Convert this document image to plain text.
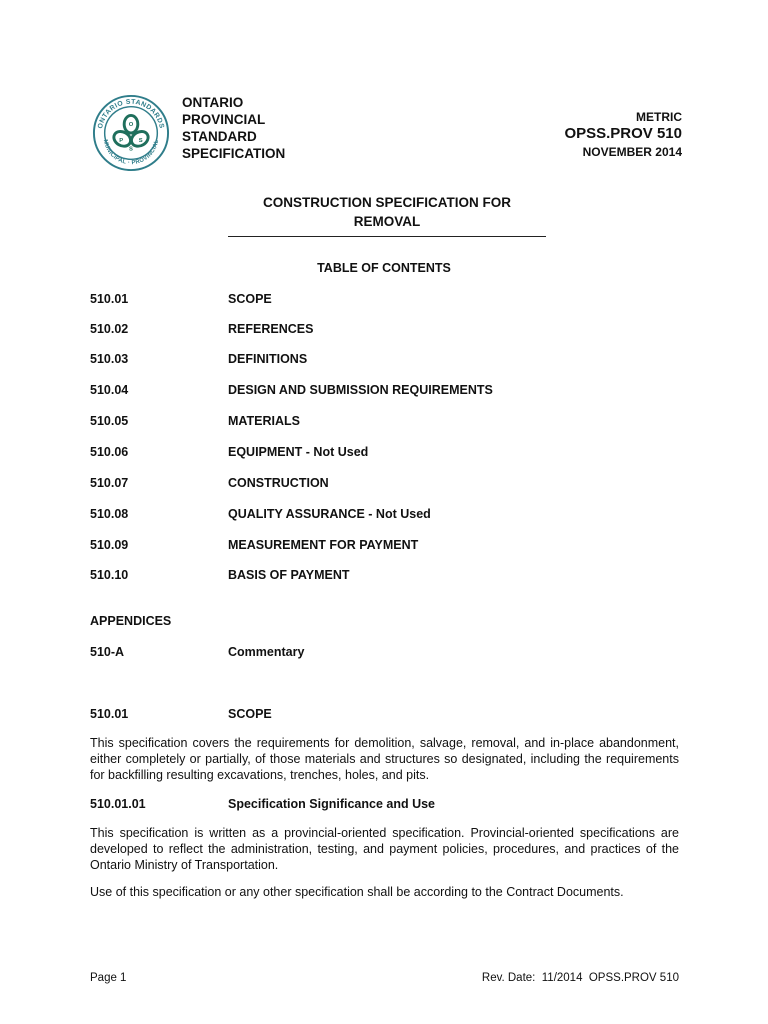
ONTARIO STANDARDS
MUNICIPAL · PROVINCIAL
O
P	S
S
ONTARIO
PROVINCIAL
STANDARD
SPECIFICATION
METRIC
OPSS.PROV 510
NOVEMBER 2014
CONSTRUCTION SPECIFICATION FOR
REMOVAL
TABLE OF CONTENTS
510.01	SCOPE
510.02	REFERENCES
510.03	DEFINITIONS
510.04	DESIGN AND SUBMISSION REQUIREMENTS
510.05	MATERIALS
510.06	EQUIPMENT - Not Used
510.07	CONSTRUCTION
510.08	QUALITY ASSURANCE - Not Used
510.09	MEASUREMENT FOR PAYMENT
510.10	BASIS OF PAYMENT
APPENDICES
510-A	Commentary
510.01	SCOPE
This specification covers the requirements for demolition, salvage, removal, and in-place abandonment, either completely or partially, of those materials and structures so designated, including the requirements for backfilling resulting excavations, trenches, holes, and pits.
510.01.01	Specification Significance and Use
This specification is written as a provincial-oriented specification. Provincial-oriented specifications are developed to reflect the administration, testing, and payment policies, procedures, and practices of the Ontario Ministry of Transportation.
Use of this specification or any other specification shall be according to the Contract Documents.
Page 1	Rev. Date:  11/2014  OPSS.PROV 510
